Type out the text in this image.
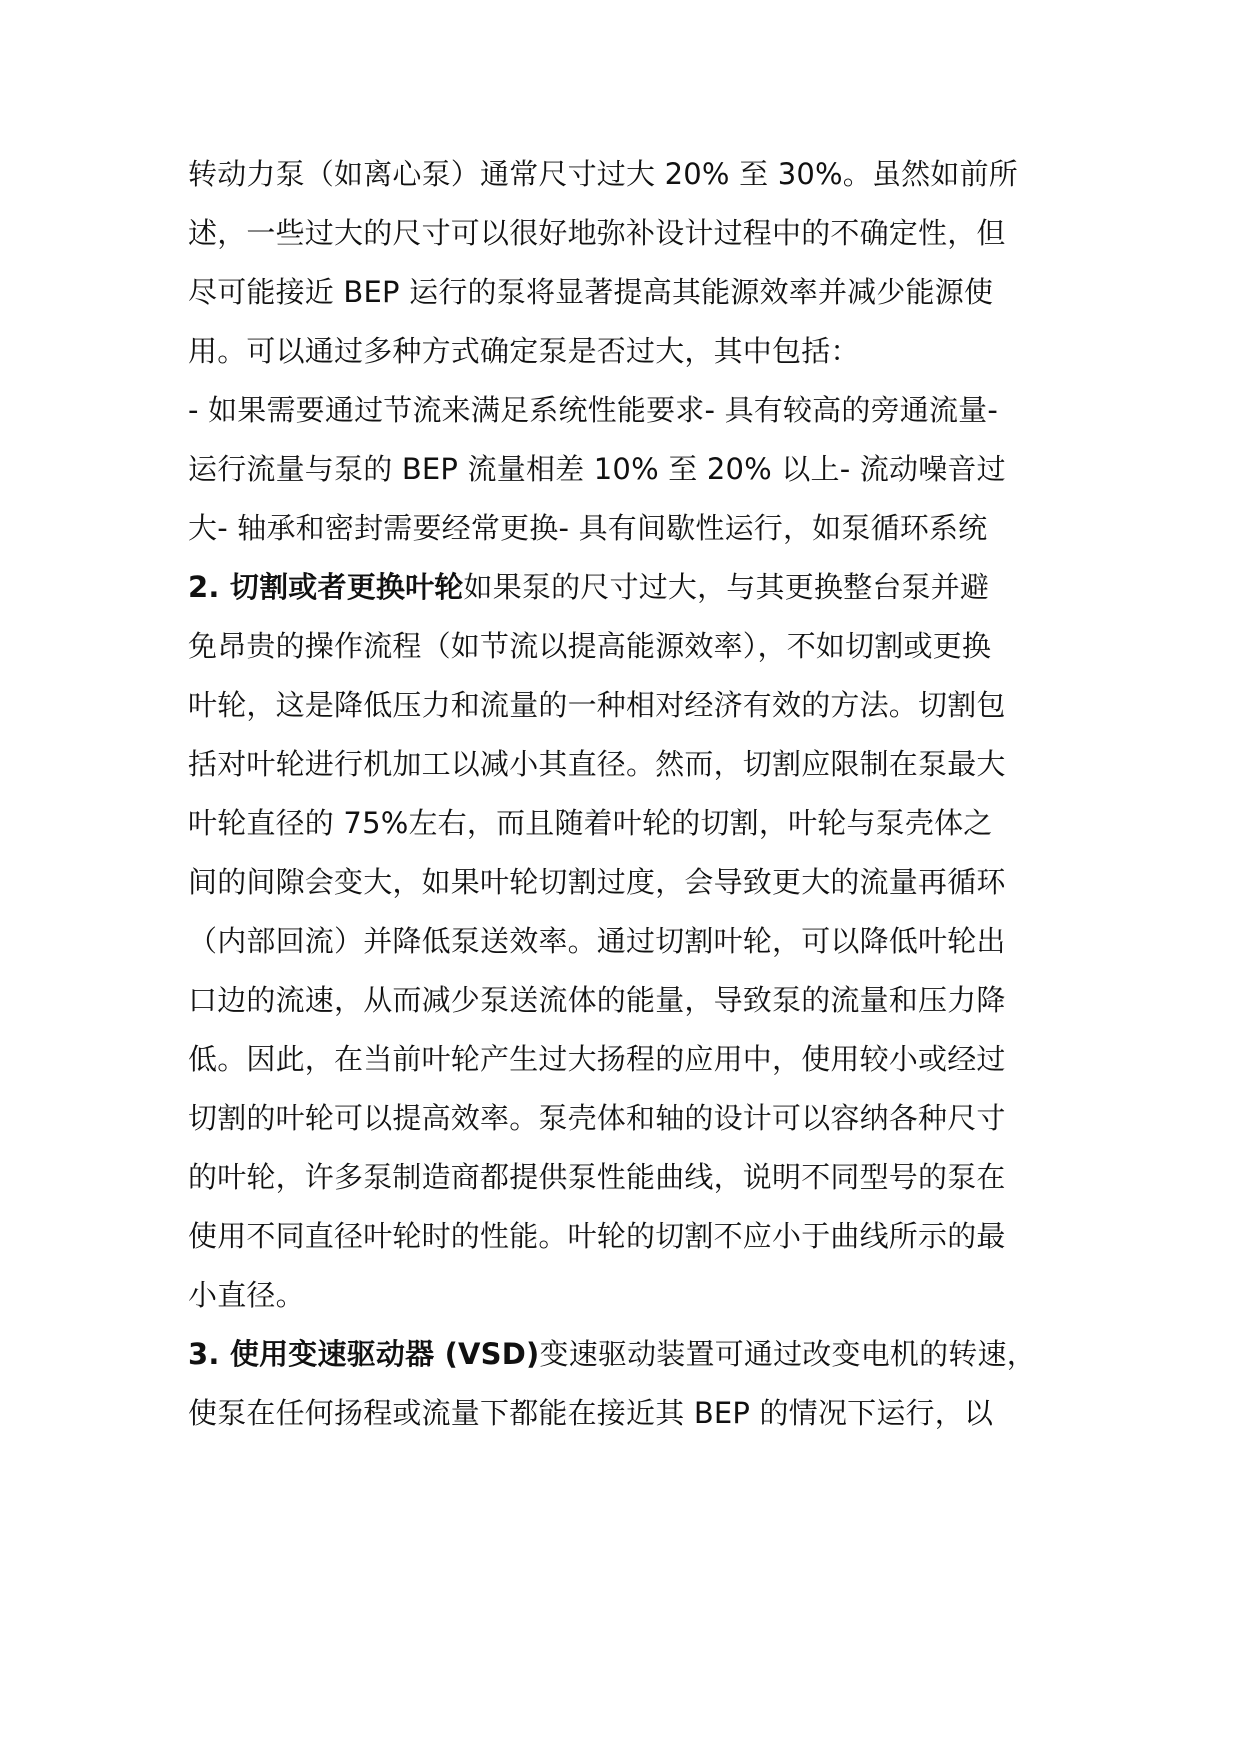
转动力泵（如离心泵）通常尺寸过大 20% 至 30%。虽然如前所
述，一些过大的尺寸可以很好地弥补设计过程中的不确定性，但
尽可能接近 BEP 运行的泵将显著提高其能源效率并减少能源使
用。可以通过多种方式确定泵是否过大，其中包括：
- 如果需要通过节流来满足系统性能要求- 具有较高的旁通流量-
运行流量与泵的 BEP 流量相差 10% 至 20% 以上- 流动噪音过
大- 轴承和密封需要经常更换- 具有间歇性运行，如泵循环系统
2. 切割或者更换叶轮如果泵的尺寸过大，与其更换整台泵并避
免昂贵的操作流程（如节流以提高能源效率），不如切割或更换
叶轮，这是降低压力和流量的一种相对经济有效的方法。切割包
括对叶轮进行机加工以减小其直径。然而，切割应限制在泵最大
叶轮直径的 75%左右，而且随着叶轮的切割，叶轮与泵壳体之
间的间隙会变大，如果叶轮切割过度，会导致更大的流量再循环
（内部回流）并降低泵送效率。通过切割叶轮，可以降低叶轮出
口边的流速，从而减少泵送流体的能量，导致泵的流量和压力降
低。因此，在当前叶轮产生过大扬程的应用中，使用较小或经过
切割的叶轮可以提高效率。泵壳体和轴的设计可以容纳各种尺寸
的叶轮，许多泵制造商都提供泵性能曲线，说明不同型号的泵在
使用不同直径叶轮时的性能。叶轮的切割不应小于曲线所示的最
小直径。
3. 使用变速驱动器 (VSD)变速驱动装置可通过改变电机的转速，
使泵在任何扬程或流量下都能在接近其 BEP 的情况下运行，以
